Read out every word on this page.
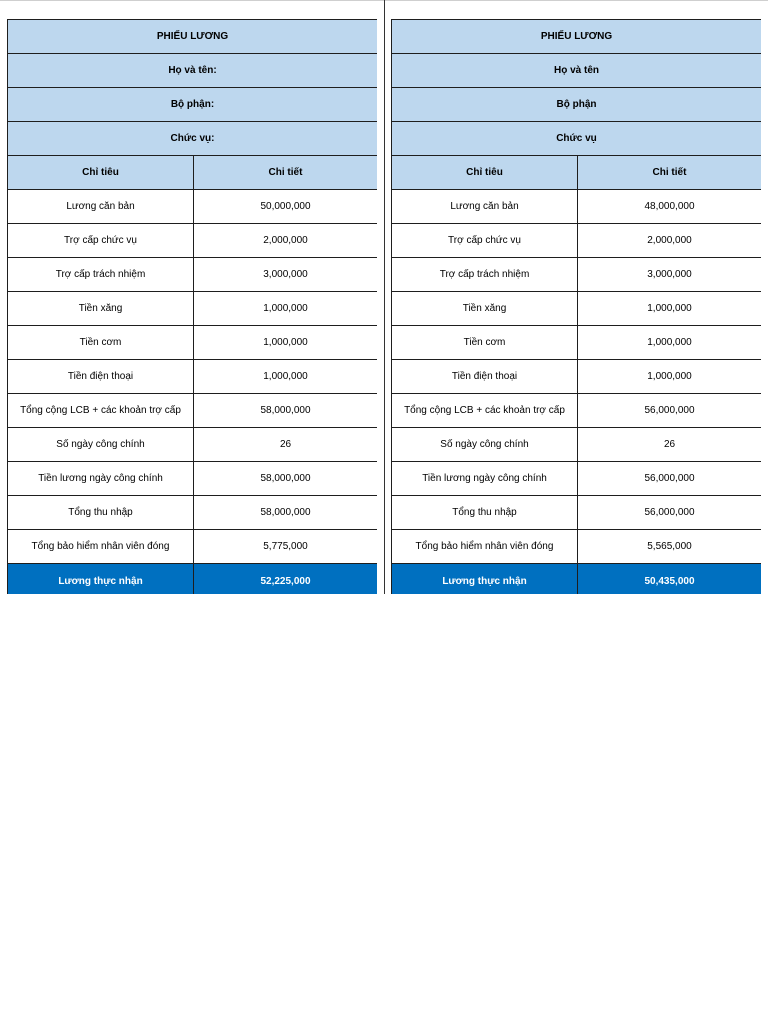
PHIẾU LƯƠNG	
Họ và tên:	
Bộ phận:	
Chức vụ:	
Chỉ tiêu	Chi tiết
Lương căn bản	50,000,000
Trợ cấp chức vụ	2,000,000
Trợ cấp trách nhiệm	3,000,000
Tiền xăng	1,000,000
Tiền cơm	1,000,000
Tiền điện thoại	1,000,000
Tổng cộng LCB + các khoản trợ cấp	58,000,000
Số ngày công chính	26
Tiền lương ngày công chính	58,000,000
Tổng thu nhập	58,000,000
Tổng bảo hiểm nhân viên đóng	5,775,000
Lương thực nhận	52,225,000
PHIẾU LƯƠNG	
Họ và tên	
Bộ phận	
Chức vụ	
Chỉ tiêu	Chi tiết
Lương căn bản	48,000,000
Trợ cấp chức vụ	2,000,000
Trợ cấp trách nhiệm	3,000,000
Tiền xăng	1,000,000
Tiền cơm	1,000,000
Tiền điện thoại	1,000,000
Tổng cộng LCB + các khoản trợ cấp	56,000,000
Số ngày công chính	26
Tiền lương ngày công chính	56,000,000
Tổng thu nhập	56,000,000
Tổng bảo hiểm nhân viên đóng	5,565,000
Lương thực nhận	50,435,000
